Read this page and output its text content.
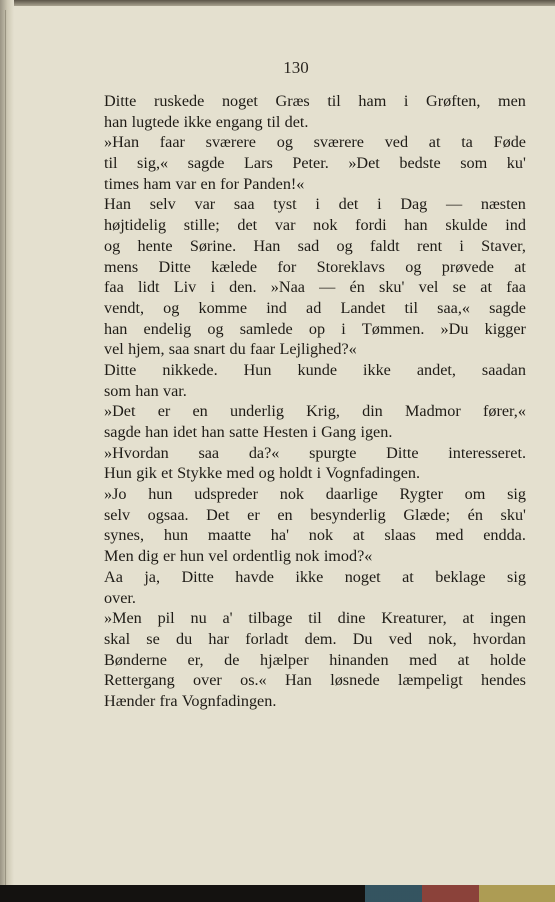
130
Ditte ruskede noget Græs til ham i Grøften, men
han lugtede ikke engang til det.
»Han faar sværere og sværere ved at ta Føde
til sig,« sagde Lars Peter. »Det bedste som ku'
times ham var en for Panden!«
Han selv var saa tyst i det i Dag — næsten
højtidelig stille; det var nok fordi han skulde ind
og hente Sørine. Han sad og faldt rent i Staver,
mens Ditte kælede for Storeklavs og prøvede at
faa lidt Liv i den. »Naa — én sku' vel se at faa
vendt, og komme ind ad Landet til saa,« sagde
han endelig og samlede op i Tømmen. »Du kigger
vel hjem, saa snart du faar Lejlighed?«
Ditte nikkede. Hun kunde ikke andet, saadan
som han var.
»Det er en underlig Krig, din Madmor fører,«
sagde han idet han satte Hesten i Gang igen.
»Hvordan saa da?« spurgte Ditte interesseret.
Hun gik et Stykke med og holdt i Vognfadingen.
»Jo hun udspreder nok daarlige Rygter om sig
selv ogsaa. Det er en besynderlig Glæde; én sku'
synes, hun maatte ha' nok at slaas med endda.
Men dig er hun vel ordentlig nok imod?«
Aa ja, Ditte havde ikke noget at beklage sig
over.
»Men pil nu a' tilbage til dine Kreaturer, at ingen
skal se du har forladt dem. Du ved nok, hvordan
Bønderne er, de hjælper hinanden med at holde
Rettergang over os.« Han løsnede læmpeligt hendes
Hænder fra Vognfadingen.
